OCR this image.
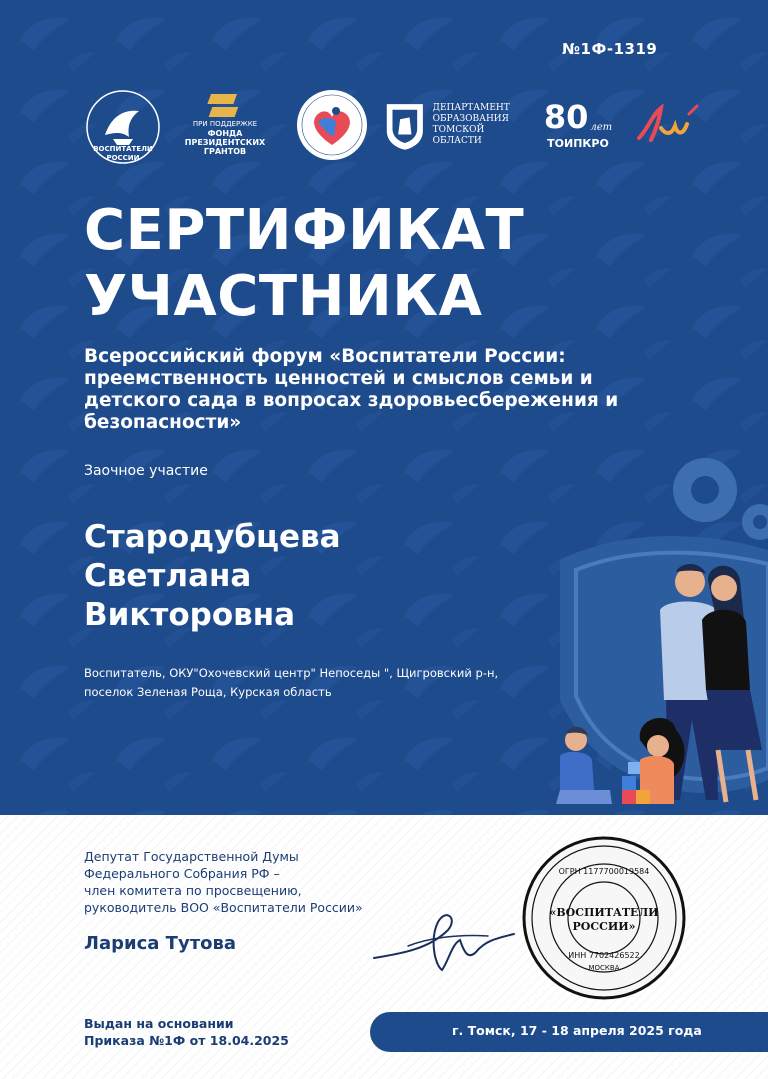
№1Ф-1319
ВОСПИТАТЕЛИ РОССИИ
ПРИ ПОДДЕРЖКЕ
ФОНДА
ПРЕЗИДЕНТСКИХ
ГРАНТОВ
ДЕПАРТАМЕНТ
ОБРАЗОВАНИЯ
ТОМСКОЙ ОБЛАСТИ
80 лет
ТОИПКРО
СЕРТИФИКАТ
УЧАСТНИКА
Всероссийский форум «Воспитатели России: преемственность ценностей и смыслов семьи и детского сада в вопросах здоровьесбережения и безопасности»
Заочное участие
Стародубцева
Светлана
Викторовна
Воспитатель, ОКУ"Охочевский центр" Непоседы ", Щигровский р-н,
поселок Зеленая Роща, Курская область
Депутат Государственной Думы
Федерального Собрания РФ –
член комитета по просвещению,
руководитель ВОО «Воспитатели России»
Лариса Тутова
ОГРН 1177700019584
«ВОСПИТАТЕЛИ
РОССИИ»
ИНН 7702426522
МОСКВА
Выдан на основании
Приказа №1Ф от 18.04.2025
г. Томск, 17 - 18 апреля 2025 года
